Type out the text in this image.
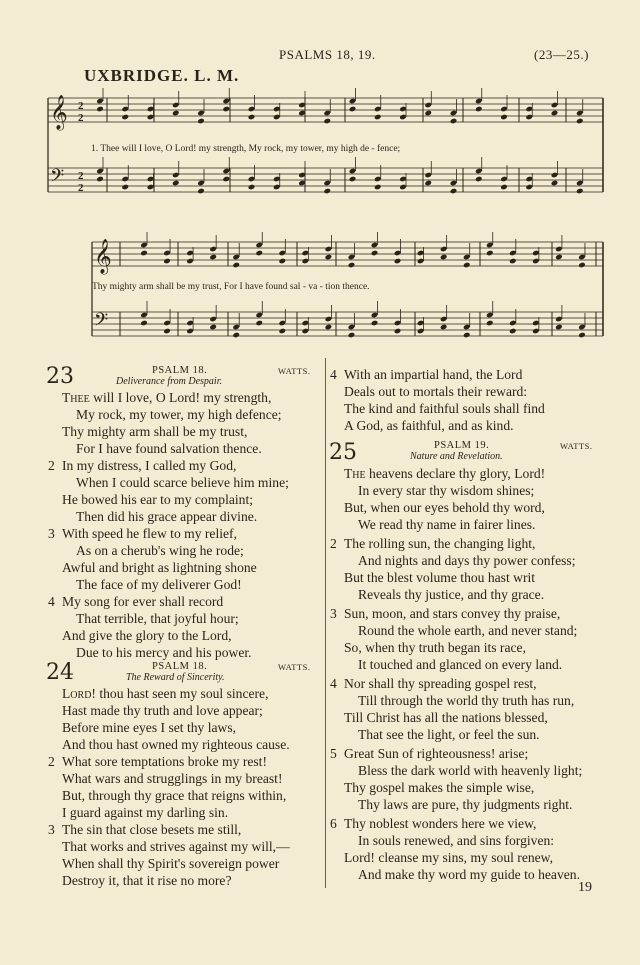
PSALMS 18, 19.	(23—25.)
UXBRIDGE. L. M.
𝄞 2
2
𝄢 2
2
1. Thee will I love, O Lord! my strength, My rock, my tower, my high de - fence;
𝄞
𝄢
Thy mighty arm shall be my trust, For I have found sal - va - tion thence.
23	PSALM 18.	WATTS.
Deliverance from Despair.
Thee will I love, O Lord! my strength,
My rock, my tower, my high defence;
Thy mighty arm shall be my trust,
For I have found salvation thence.
2 In my distress, I called my God,
When I could scarce believe him mine;
He bowed his ear to my complaint;
Then did his grace appear divine.
3 With speed he flew to my relief,
As on a cherub's wing he rode;
Awful and bright as lightning shone
The face of my deliverer God!
4 My song for ever shall record
That terrible, that joyful hour;
And give the glory to the Lord,
Due to his mercy and his power.
24	PSALM 18.	WATTS.
The Reward of Sincerity.
Lord! thou hast seen my soul sincere,
Hast made thy truth and love appear;
Before mine eyes I set thy laws,
And thou hast owned my righteous cause.
2 What sore temptations broke my rest!
What wars and strugglings in my breast!
But, through thy grace that reigns within,
I guard against my darling sin.
3 The sin that close besets me still,
That works and strives against my will,—
When shall thy Spirit's sovereign power
Destroy it, that it rise no more?
4 With an impartial hand, the Lord
Deals out to mortals their reward:
The kind and faithful souls shall find
A God, as faithful, and as kind.
25	PSALM 19.	WATTS.
Nature and Revelation.
The heavens declare thy glory, Lord!
In every star thy wisdom shines;
But, when our eyes behold thy word,
We read thy name in fairer lines.
2 The rolling sun, the changing light,
And nights and days thy power confess;
But the blest volume thou hast writ
Reveals thy justice, and thy grace.
3 Sun, moon, and stars convey thy praise,
Round the whole earth, and never stand;
So, when thy truth began its race,
It touched and glanced on every land.
4 Nor shall thy spreading gospel rest,
Till through the world thy truth has run,
Till Christ has all the nations blessed,
That see the light, or feel the sun.
5 Great Sun of righteousness! arise;
Bless the dark world with heavenly light;
Thy gospel makes the simple wise,
Thy laws are pure, thy judgments right.
6 Thy noblest wonders here we view,
In souls renewed, and sins forgiven:
Lord! cleanse my sins, my soul renew,
And make thy word my guide to heaven.
19
